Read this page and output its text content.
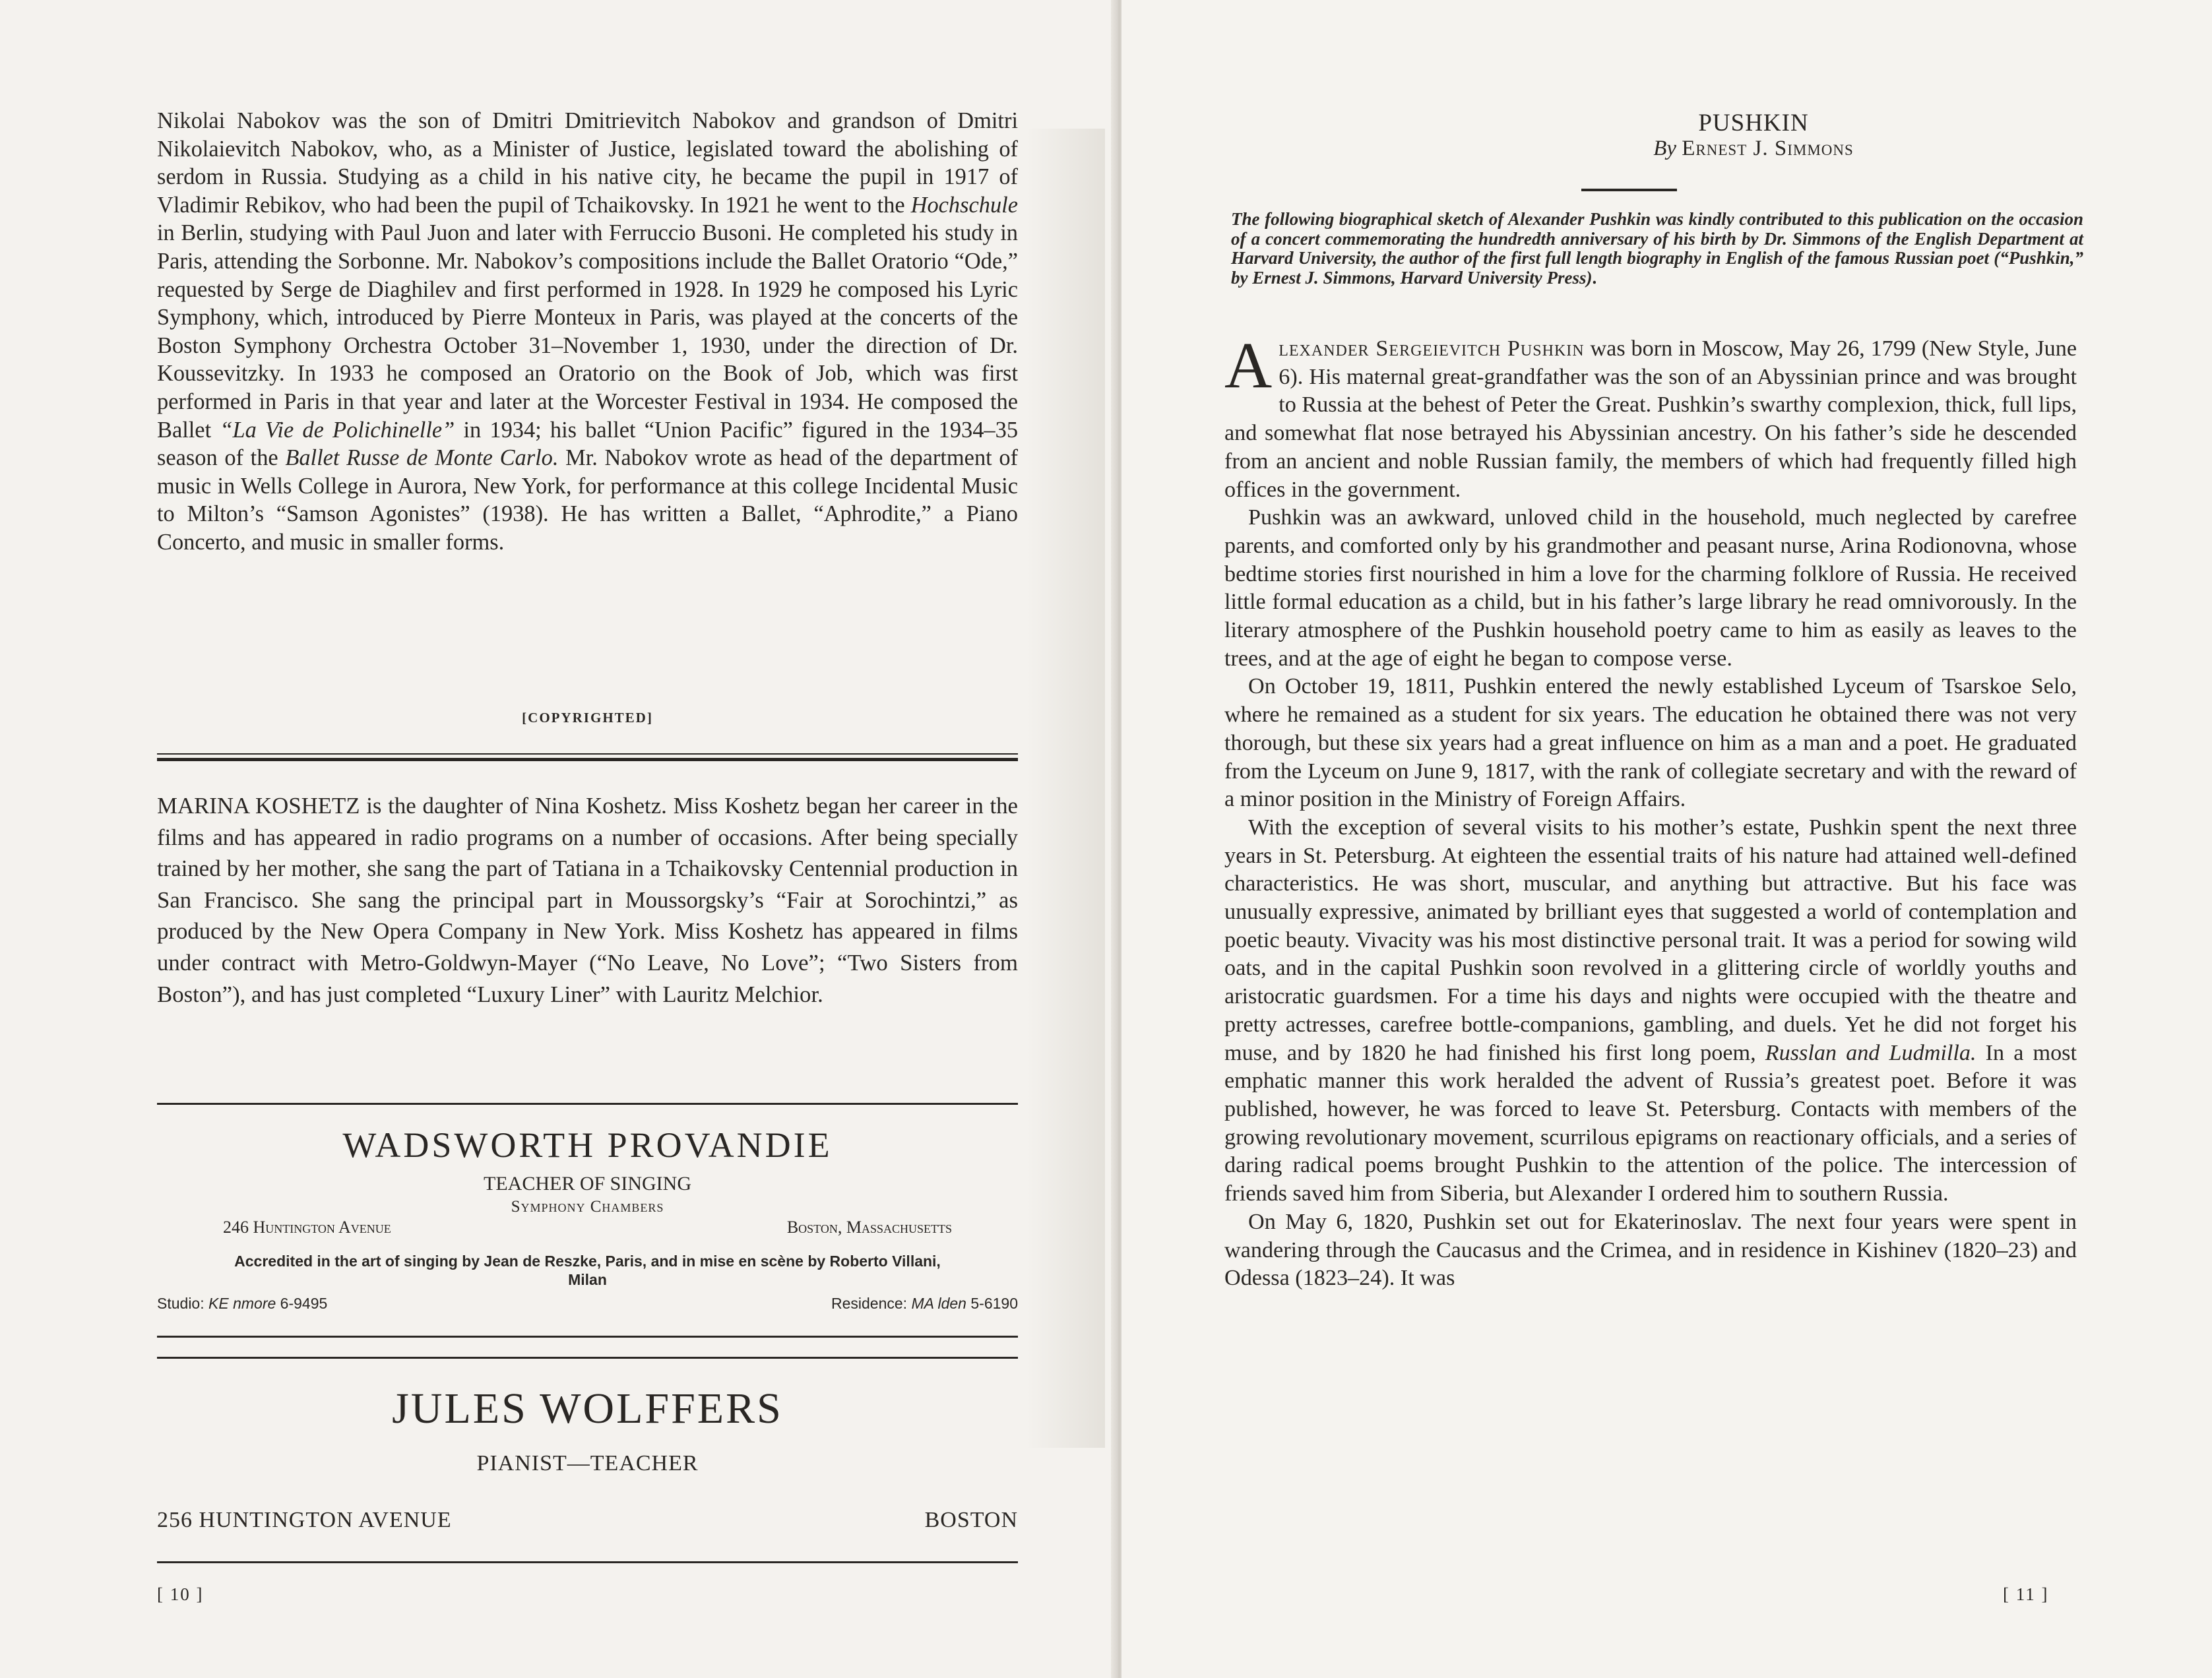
Nikolai Nabokov was the son of Dmitri Dmitrievitch Nabokov and grandson of Dmitri Nikolaievitch Nabokov, who, as a Minister of Justice, legislated toward the abolishing of serdom in Russia. Studying as a child in his native city, he became the pupil in 1917 of Vladimir Rebikov, who had been the pupil of Tchaikovsky. In 1921 he went to the Hochschule in Berlin, studying with Paul Juon and later with Ferruccio Busoni. He completed his study in Paris, attending the Sorbonne. Mr. Nabokov’s compositions include the Ballet Oratorio “Ode,” requested by Serge de Diaghilev and first performed in 1928. In 1929 he composed his Lyric Symphony, which, introduced by Pierre Monteux in Paris, was played at the concerts of the Boston Symphony Orchestra October 31–November 1, 1930, under the direction of Dr. Koussevitzky. In 1933 he composed an Oratorio on the Book of Job, which was first performed in Paris in that year and later at the Worcester Festival in 1934. He composed the Ballet “La Vie de Polichinelle” in 1934; his ballet “Union Pacific” figured in the 1934–35 season of the Ballet Russe de Monte Carlo. Mr. Nabokov wrote as head of the department of music in Wells College in Aurora, New York, for performance at this college Incidental Music to Milton’s “Samson Agonistes” (1938). He has written a Ballet, “Aphrodite,” a Piano Concerto, and music in smaller forms.

[COPYRIGHTED]

MARINA KOSHETZ is the daughter of Nina Koshetz. Miss Koshetz began her career in the films and has appeared in radio programs on a number of occasions. After being specially trained by her mother, she sang the part of Tatiana in a Tchaikovsky Centennial production in San Francisco. She sang the principal part in Moussorgsky’s “Fair at Sorochintzi,” as produced by the New Opera Company in New York. Miss Koshetz has appeared in films under contract with Metro-Goldwyn-Mayer (“No Leave, No Love”; “Two Sisters from Boston”), and has just completed “Luxury Liner” with Lauritz Melchior.

WADSWORTH PROVANDIE
TEACHER OF SINGING
Symphony Chambers
246 Huntington Avenue	Boston, Massachusetts
Accredited in the art of singing by Jean de Reszke, Paris, and in mise en scène by Roberto Villani, Milan
Studio: KE nmore 6-9495	Residence: MA lden 5-6190
JULES WOLFFERS
PIANIST—TEACHER
256 HUNTINGTON AVENUE	BOSTON
[ 10 ]
PUSHKIN
By Ernest J. Simmons

The following biographical sketch of Alexander Pushkin was kindly contributed to this publication on the occasion of a concert commemorating the hundredth anniversary of his birth by Dr. Simmons of the English Department at Harvard University, the author of the first full length biography in English of the famous Russian poet (“Pushkin,” by Ernest J. Simmons, Harvard University Press).

Alexander Sergeievitch Pushkin was born in Moscow, May 26, 1799 (New Style, June 6). His maternal great-grandfather was the son of an Abyssinian prince and was brought to Russia at the behest of Peter the Great. Pushkin’s swarthy complexion, thick, full lips, and somewhat flat nose betrayed his Abyssinian ancestry. On his father’s side he descended from an ancient and noble Russian family, the members of which had frequently filled high offices in the government.

Pushkin was an awkward, unloved child in the household, much neglected by carefree parents, and comforted only by his grandmother and peasant nurse, Arina Rodionovna, whose bedtime stories first nourished in him a love for the charming folklore of Russia. He received little formal education as a child, but in his father’s large library he read omnivorously. In the literary atmosphere of the Pushkin household poetry came to him as easily as leaves to the trees, and at the age of eight he began to compose verse.

On October 19, 1811, Pushkin entered the newly established Lyceum of Tsarskoe Selo, where he remained as a student for six years. The education he obtained there was not very thorough, but these six years had a great influence on him as a man and a poet. He graduated from the Lyceum on June 9, 1817, with the rank of collegiate secretary and with the reward of a minor position in the Ministry of Foreign Affairs.

With the exception of several visits to his mother’s estate, Pushkin spent the next three years in St. Petersburg. At eighteen the essential traits of his nature had attained well-defined characteristics. He was short, muscular, and anything but attractive. But his face was unusually expressive, animated by brilliant eyes that suggested a world of contemplation and poetic beauty. Vivacity was his most distinctive personal trait. It was a period for sowing wild oats, and in the capital Pushkin soon revolved in a glittering circle of worldly youths and aristocratic guardsmen. For a time his days and nights were occupied with the theatre and pretty actresses, carefree bottle-companions, gambling, and duels. Yet he did not forget his muse, and by 1820 he had finished his first long poem, Russlan and Ludmilla. In a most emphatic manner this work heralded the advent of Russia’s greatest poet. Before it was published, however, he was forced to leave St. Petersburg. Contacts with members of the growing revolutionary movement, scurrilous epigrams on reactionary officials, and a series of daring radical poems brought Pushkin to the attention of the police. The intercession of friends saved him from Siberia, but Alexander I ordered him to southern Russia.

On May 6, 1820, Pushkin set out for Ekaterinoslav. The next four years were spent in wandering through the Caucasus and the Crimea, and in residence in Kishinev (1820–23) and Odessa (1823–24). It was

[ 11 ]
